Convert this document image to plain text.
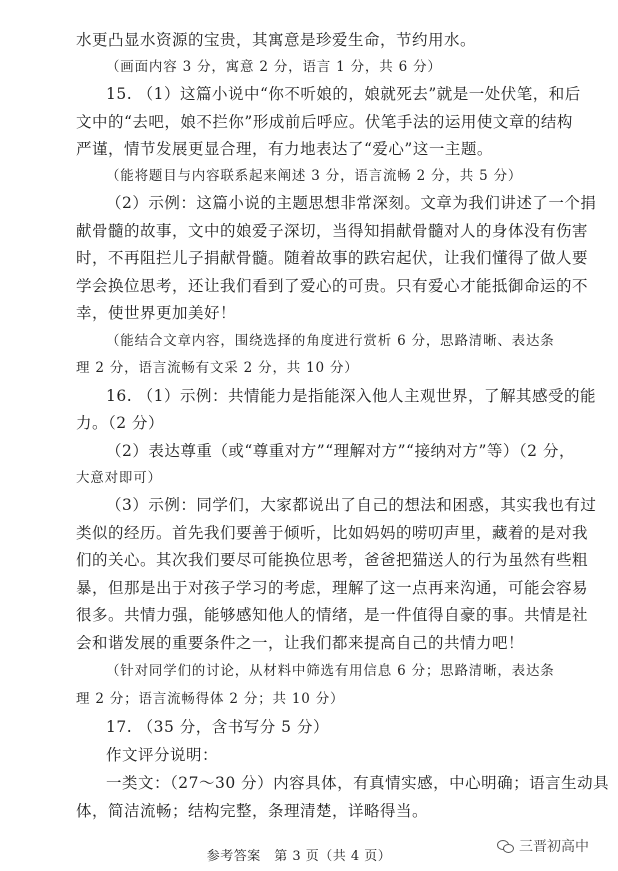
水更凸显水资源的宝贵，其寓意是珍爱生命，节约用水。
（画面内容 3 分，寓意 2 分，语言 1 分，共 6 分）
15. （1）这篇小说中“你不听娘的，娘就死去”就是一处伏笔，和后
文中的“去吧，娘不拦你”形成前后呼应。伏笔手法的运用使文章的结构
严谨，情节发展更显合理，有力地表达了“爱心”这一主题。
（能将题目与内容联系起来阐述 3 分，语言流畅 2 分，共 5 分）
（2）示例：这篇小说的主题思想非常深刻。文章为我们讲述了一个捐
献骨髓的故事，文中的娘爱子深切，当得知捐献骨髓对人的身体没有伤害
时，不再阻拦儿子捐献骨髓。随着故事的跌宕起伏，让我们懂得了做人要
学会换位思考，还让我们看到了爱心的可贵。只有爱心才能抵御命运的不
幸，使世界更加美好！
（能结合文章内容，围绕选择的角度进行赏析 6 分，思路清晰、表达条
理 2 分，语言流畅有文采 2 分，共 10 分）
16. （1）示例：共情能力是指能深入他人主观世界，了解其感受的能
力。（2 分）
（2）表达尊重（或“尊重对方”“理解对方”“接纳对方”等）（2 分，
大意对即可）
（3）示例：同学们，大家都说出了自己的想法和困惑，其实我也有过
类似的经历。首先我们要善于倾听，比如妈妈的唠叨声里，藏着的是对我
们的关心。其次我们要尽可能换位思考，爸爸把猫送人的行为虽然有些粗
暴，但那是出于对孩子学习的考虑，理解了这一点再来沟通，可能会容易
很多。共情力强，能够感知他人的情绪，是一件值得自豪的事。共情是社
会和谐发展的重要条件之一，让我们都来提高自己的共情力吧！
（针对同学们的讨论，从材料中筛选有用信息 6 分；思路清晰，表达条
理 2 分；语言流畅得体 2 分；共 10 分）
17. （35 分，含书写分 5 分）
作文评分说明：
一类文：（27～30 分）内容具体，有真情实感，中心明确；语言生动具
体，简洁流畅；结构完整，条理清楚，详略得当。
参考答案　第 3 页（共 4 页）
三晋初高中
